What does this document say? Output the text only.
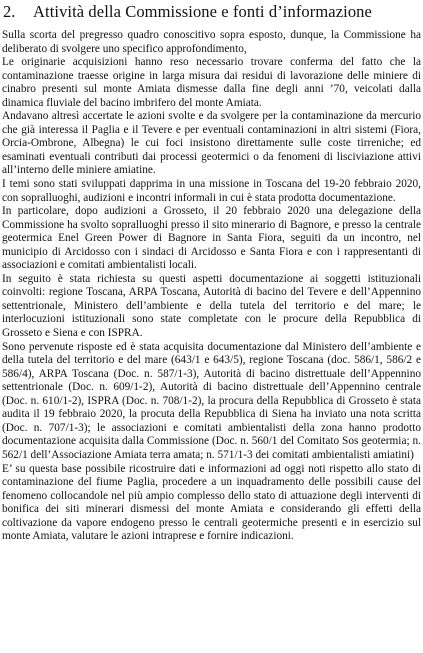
2.	Attività della Commissione e fonti d’informazione

Sulla scorta del pregresso quadro conoscitivo sopra esposto, dunque, la Commissione ha deliberato di svolgere uno specifico approfondimento,

Le originarie acquisizioni hanno reso necessario trovare conferma del fatto che la contaminazione traesse origine in larga misura dai residui di lavorazione delle miniere di cinabro presenti sul monte Amiata dismesse dalla fine degli anni ’70, veicolati dalla dinamica fluviale del bacino imbrifero del monte Amiata.

Andavano altresì accertate le azioni svolte e da svolgere per la contaminazione da mercurio che già interessa il Paglia e il Tevere e per eventuali contaminazioni in altri sistemi (Fiora, Orcia-Ombrone, Albegna) le cui foci insistono direttamente sulle coste tirreniche; ed esaminati eventuali contributi dai processi geotermici o da fenomeni di lisciviazione attivi all’interno delle miniere amiatine.

I temi sono stati sviluppati dapprima in una missione in Toscana del 19-20 febbraio 2020, con sopralluoghi, audizioni e incontri informali in cui è stata prodotta documentazione.

In particolare, dopo audizioni a Grosseto, il 20 febbraio 2020 una delegazione della Commissione ha svolto sopralluoghi presso il sito minerario di Bagnore, e presso la centrale geotermica Enel Green Power di Bagnore in Santa Fiora, seguiti da un incontro, nel municipio di Arcidosso con i sindaci di Arcidosso e Santa Fiora e con i rappresentanti di associazioni e comitati ambientalisti locali.

In seguito è stata richiesta su questi aspetti documentazione ai soggetti istituzionali coinvolti: regione Toscana, ARPA Toscana, Autorità di bacino del Tevere e dell’Appennino settentrionale, Ministero dell’ambiente e della tutela del territorio e del mare; le interlocuzioni istituzionali sono state completate con le procure della Repubblica di Grosseto e Siena e con ISPRA.

Sono pervenute risposte ed è stata acquisita documentazione dal Ministero dell’ambiente e della tutela del territorio e del mare (643/1 e 643/5), regione Toscana (doc. 586/1, 586/2 e 586/4), ARPA Toscana (Doc. n. 587/1-3), Autorità di bacino distrettuale dell’Appennino settentrionale (Doc. n. 609/1-2), Autorità di bacino distrettuale dell’Appennino centrale (Doc. n. 610/1-2), ISPRA (Doc. n. 708/1-2), la procura della Repubblica di Grosseto è stata audita il 19 febbraio 2020, la procuta della Repubblica di Siena ha inviato una nota scritta (Doc. n. 707/1-3); le associazioni e comitati ambientalisti della zona hanno prodotto documentazione acquisita dalla Commissione (Doc. n. 560/1 del Comitato Sos geotermia; n. 562/1 dell’Associazione Amiata terra amata; n. 571/1-3 dei comitati ambientalisti amiatini)

E’ su questa base possibile ricostruire dati e informazioni ad oggi noti rispetto allo stato di contaminazione del fiume Paglia, procedere a un inquadramento delle possibili cause del fenomeno collocandole nel più ampio complesso dello stato di attuazione degli interventi di bonifica dei siti minerari dismessi del monte Amiata e considerando gli effetti della coltivazione da vapore endogeno presso le centrali geotermiche presenti e in esercizio sul monte Amiata, valutare le azioni intraprese e fornire indicazioni.
